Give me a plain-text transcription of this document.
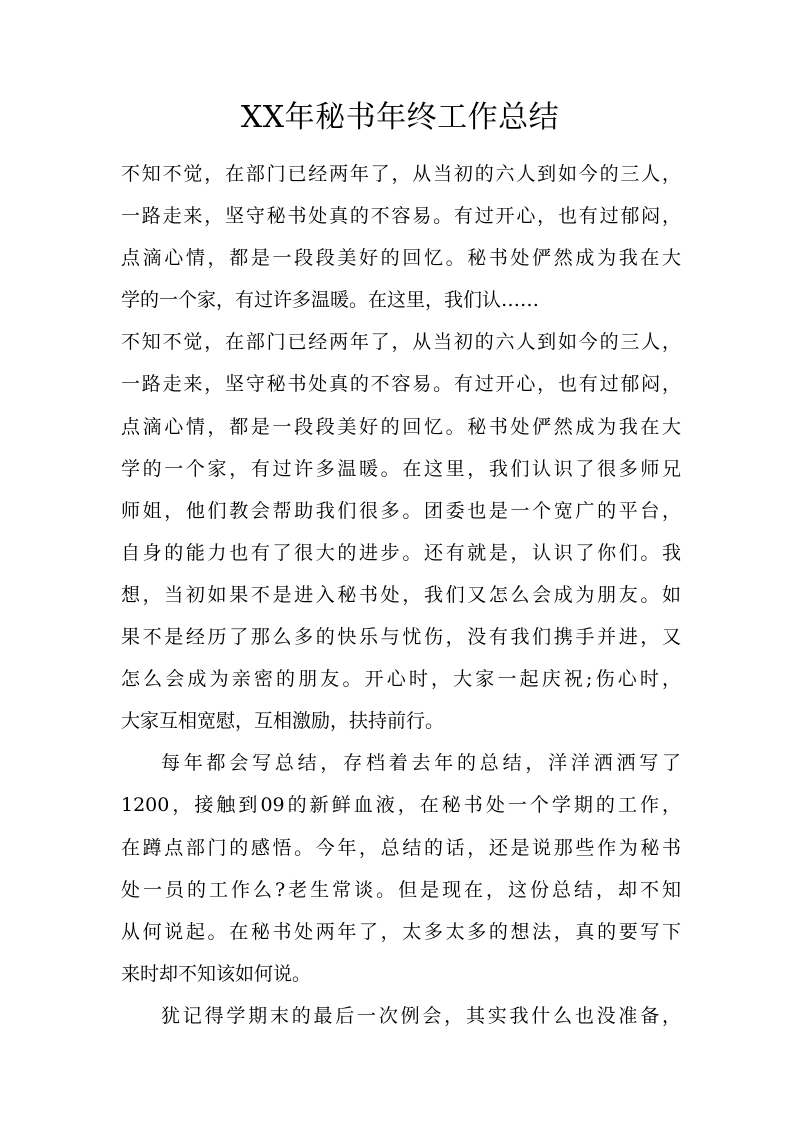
XX年秘书年终工作总结
不知不觉，在部门已经两年了，从当初的六人到如今的三人，
一路走来，坚守秘书处真的不容易。有过开心，也有过郁闷，
点滴心情，都是一段段美好的回忆。秘书处俨然成为我在大
学的一个家，有过许多温暖。在这里，我们认……
不知不觉，在部门已经两年了，从当初的六人到如今的三人，
一路走来，坚守秘书处真的不容易。有过开心，也有过郁闷，
点滴心情，都是一段段美好的回忆。秘书处俨然成为我在大
学的一个家，有过许多温暖。在这里，我们认识了很多师兄
师姐，他们教会帮助我们很多。团委也是一个宽广的平台，
自身的能力也有了很大的进步。还有就是，认识了你们。我
想，当初如果不是进入秘书处，我们又怎么会成为朋友。如
果不是经历了那么多的快乐与忧伤，没有我们携手并进，又
怎么会成为亲密的朋友。开心时，大家一起庆祝;伤心时，
大家互相宽慰，互相激励，扶持前行。
每年都会写总结，存档着去年的总结，洋洋洒洒写了
1200，接触到09的新鲜血液，在秘书处一个学期的工作，
在蹲点部门的感悟。今年，总结的话，还是说那些作为秘书
处一员的工作么?老生常谈。但是现在，这份总结，却不知
从何说起。在秘书处两年了，太多太多的想法，真的要写下
来时却不知该如何说。
犹记得学期末的最后一次例会，其实我什么也没准备，
